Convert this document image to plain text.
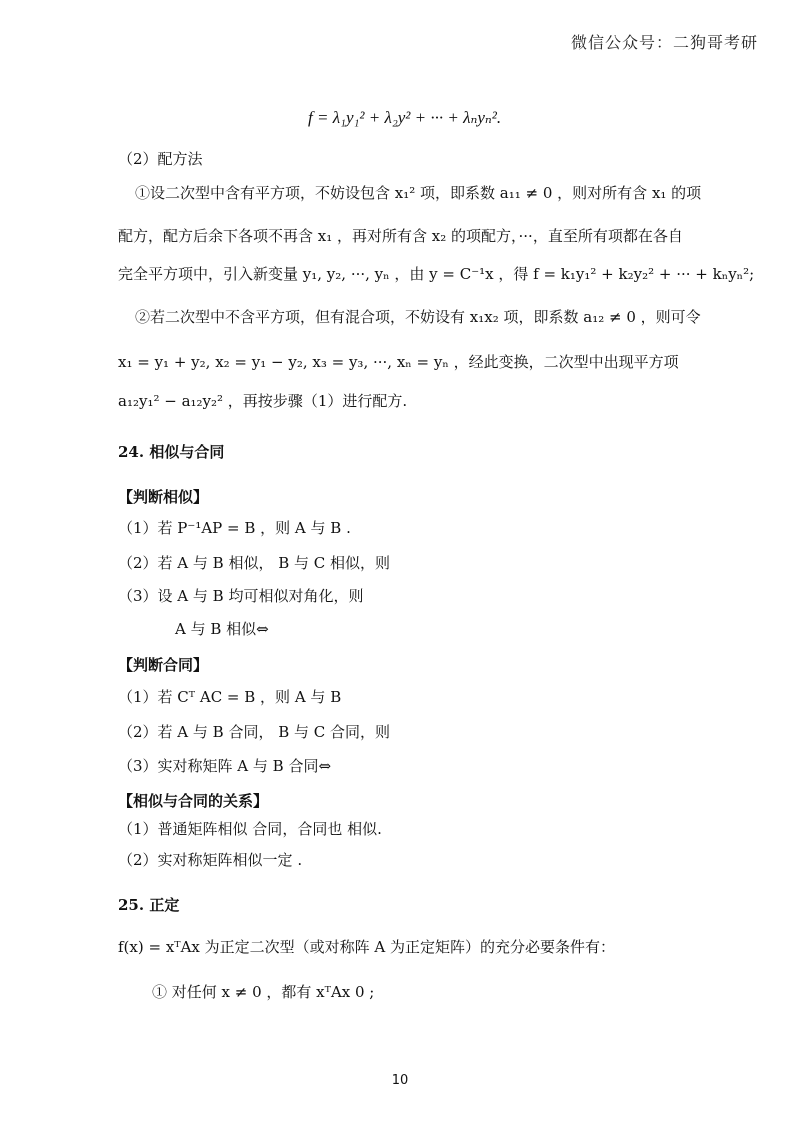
微信公众号：二狗哥考研
f = λ₁y₁² + λ₂y² + ··· + λₙyₙ².
（2）配方法
①设二次型中含有平方项，不妨设包含 x₁² 项，即系数 a₁₁ ≠ 0 ，则对所有含 x₁ 的项
配方，配方后余下各项不再含 x₁ ，再对所有含 x₂ 的项配方，···，直至所有项都在各自
完全平方项中，引入新变量 y₁, y₂, ···, yₙ ，由 y = C⁻¹x ，得 f = k₁y₁² + k₂y₂² + ··· + kₙyₙ²;
②若二次型中不含平方项，但有混合项，不妨设有 x₁x₂ 项，即系数 a₁₂ ≠ 0 ，则可令
x₁ = y₁ + y₂, x₂ = y₁ − y₂, x₃ = y₃, ···, xₙ = yₙ ，经此变换，二次型中出现平方项
a₁₂y₁² − a₁₂y₂² ，再按步骤（1）进行配方.
24. 相似与合同
【判断相似】
（1）若 P⁻¹AP = B ，则 A 与 B .
（2）若 A 与 B 相似， B 与 C 相似，则
（3）设 A 与 B 均可相似对角化，则
A 与 B 相似⇔
【判断合同】
（1）若 Cᵀ AC = B ，则 A 与 B
（2）若 A 与 B 合同， B 与 C 合同，则
（3）实对称矩阵 A 与 B 合同⇔
【相似与合同的关系】
（1）普通矩阵相似 合同，合同也 相似.
（2）实对称矩阵相似一定 .
25. 正定
f(x) = xᵀAx 为正定二次型（或对称阵 A 为正定矩阵）的充分必要条件有：
① 对任何 x ≠ 0 ，都有 xᵀAx 0 ;
10
